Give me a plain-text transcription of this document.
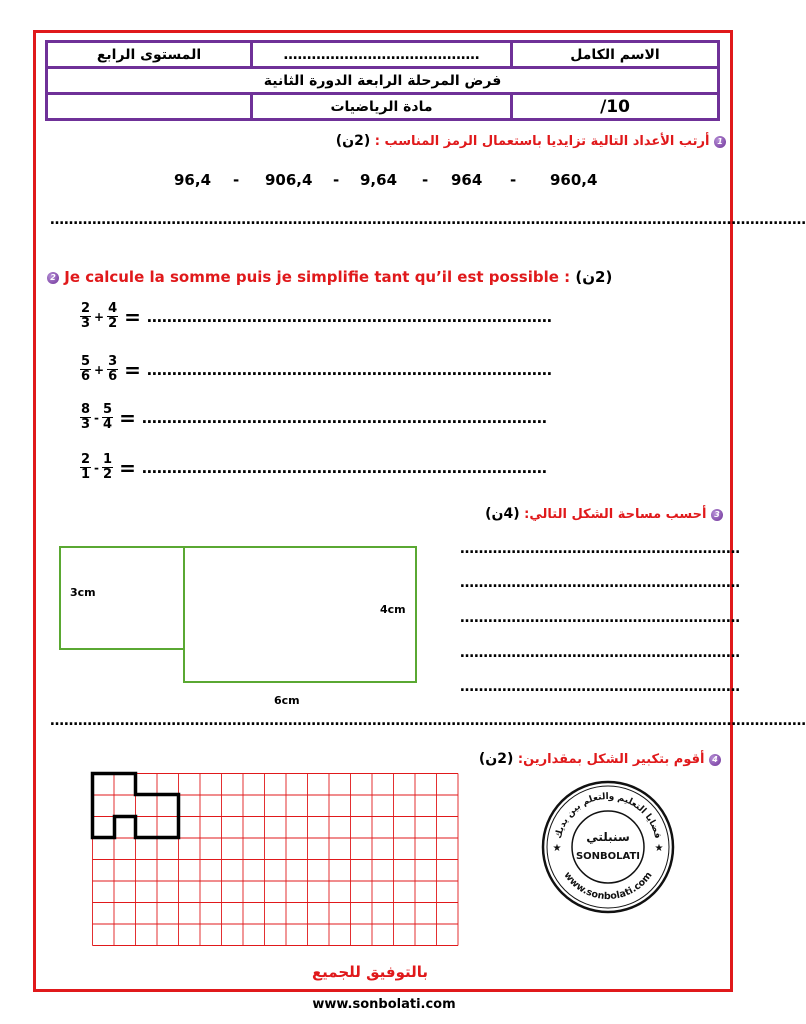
المستوى الرابع	……………………………………	الاسم الكامل
فرض المرحلة الرابعة الدورة الثانية		
	مادة الرياضيات	/10
1 أرتب الأعداد التالية تزايديا باستعمال الرمز المناسب : (2ن)
96,4 - 906,4 - 9,64 - 964 - 960,4
………………………………………………………………………………………………………………………………………………
2 Je calcule la somme puis je simplifie tant qu’il est possible : (2ن)
$\frac{2}{3} + \frac{4}{2}$ = ………………………………………………………………………
$\frac{5}{6} + \frac{3}{6}$ = ………………………………………………………………………
$\frac{8}{3} - \frac{5}{4}$ = ………………………………………………………………………
$\frac{2}{1} - \frac{1}{2}$ = ………………………………………………………………………
3 أحسب مساحة الشكل التالي: (4ن)
3cm
4cm
6cm
……………………………………………………
……………………………………………………
……………………………………………………
……………………………………………………
……………………………………………………
………………………………………………………………………………………………………………………………………………
4 أقوم بتكبير الشكل بمقدارين: (2ن)
قضايا التعليم والتعلم بين يديك
www.sonbolati.com
سنبلتي
SONBOLATI
★	★
بالتوفيق للجميع
www.sonbolati.com
